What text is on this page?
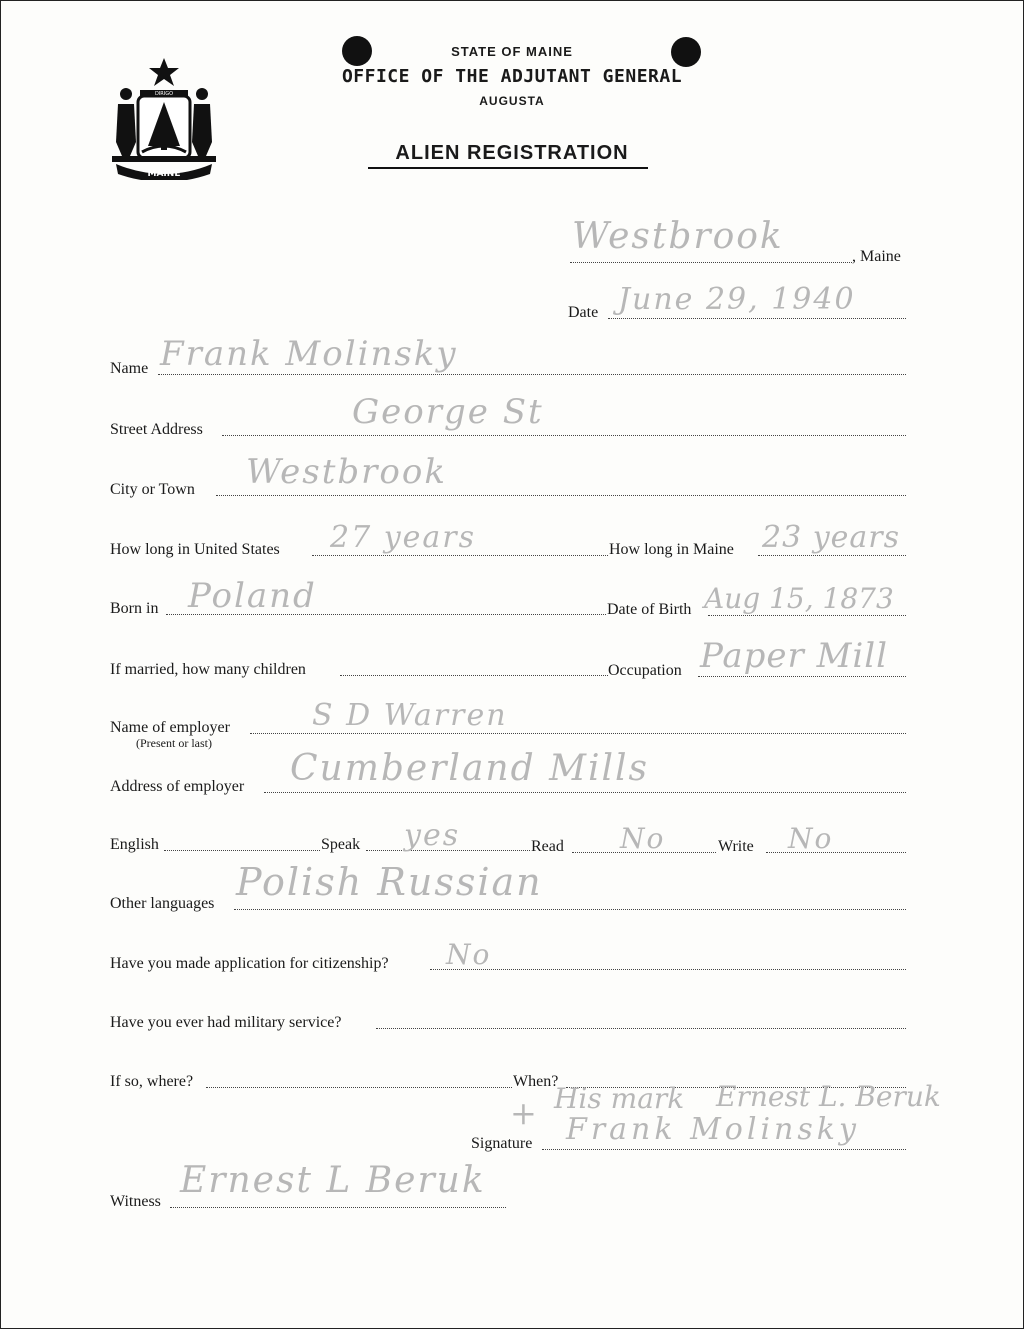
DIRIGO
MAINE
STATE OF MAINE
OFFICE OF THE ADJUTANT GENERAL
AUGUSTA
ALIEN REGISTRATION
, Maine
Westbrook
Date June 29, 1940
Name Frank Molinsky
Street Address	George St
City or Town Westbrook
How long in United States 27 years	How long in Maine 23 years
Born in Poland	Date of Birth Aug 15, 1873
If married, how many children	Occupation Paper Mill
Name of employer
(Present or last)
S D Warren
Address of employer Cumberland Mills
English	Speak yes	Read No	Write No
Other languages Polish Russian
Have you made application for citizenship? No
Have you ever had military service?
If so, where?	When?
+ His mark Ernest L. Beruk
Signature Frank Molinsky
Witness
Ernest L Beruk
